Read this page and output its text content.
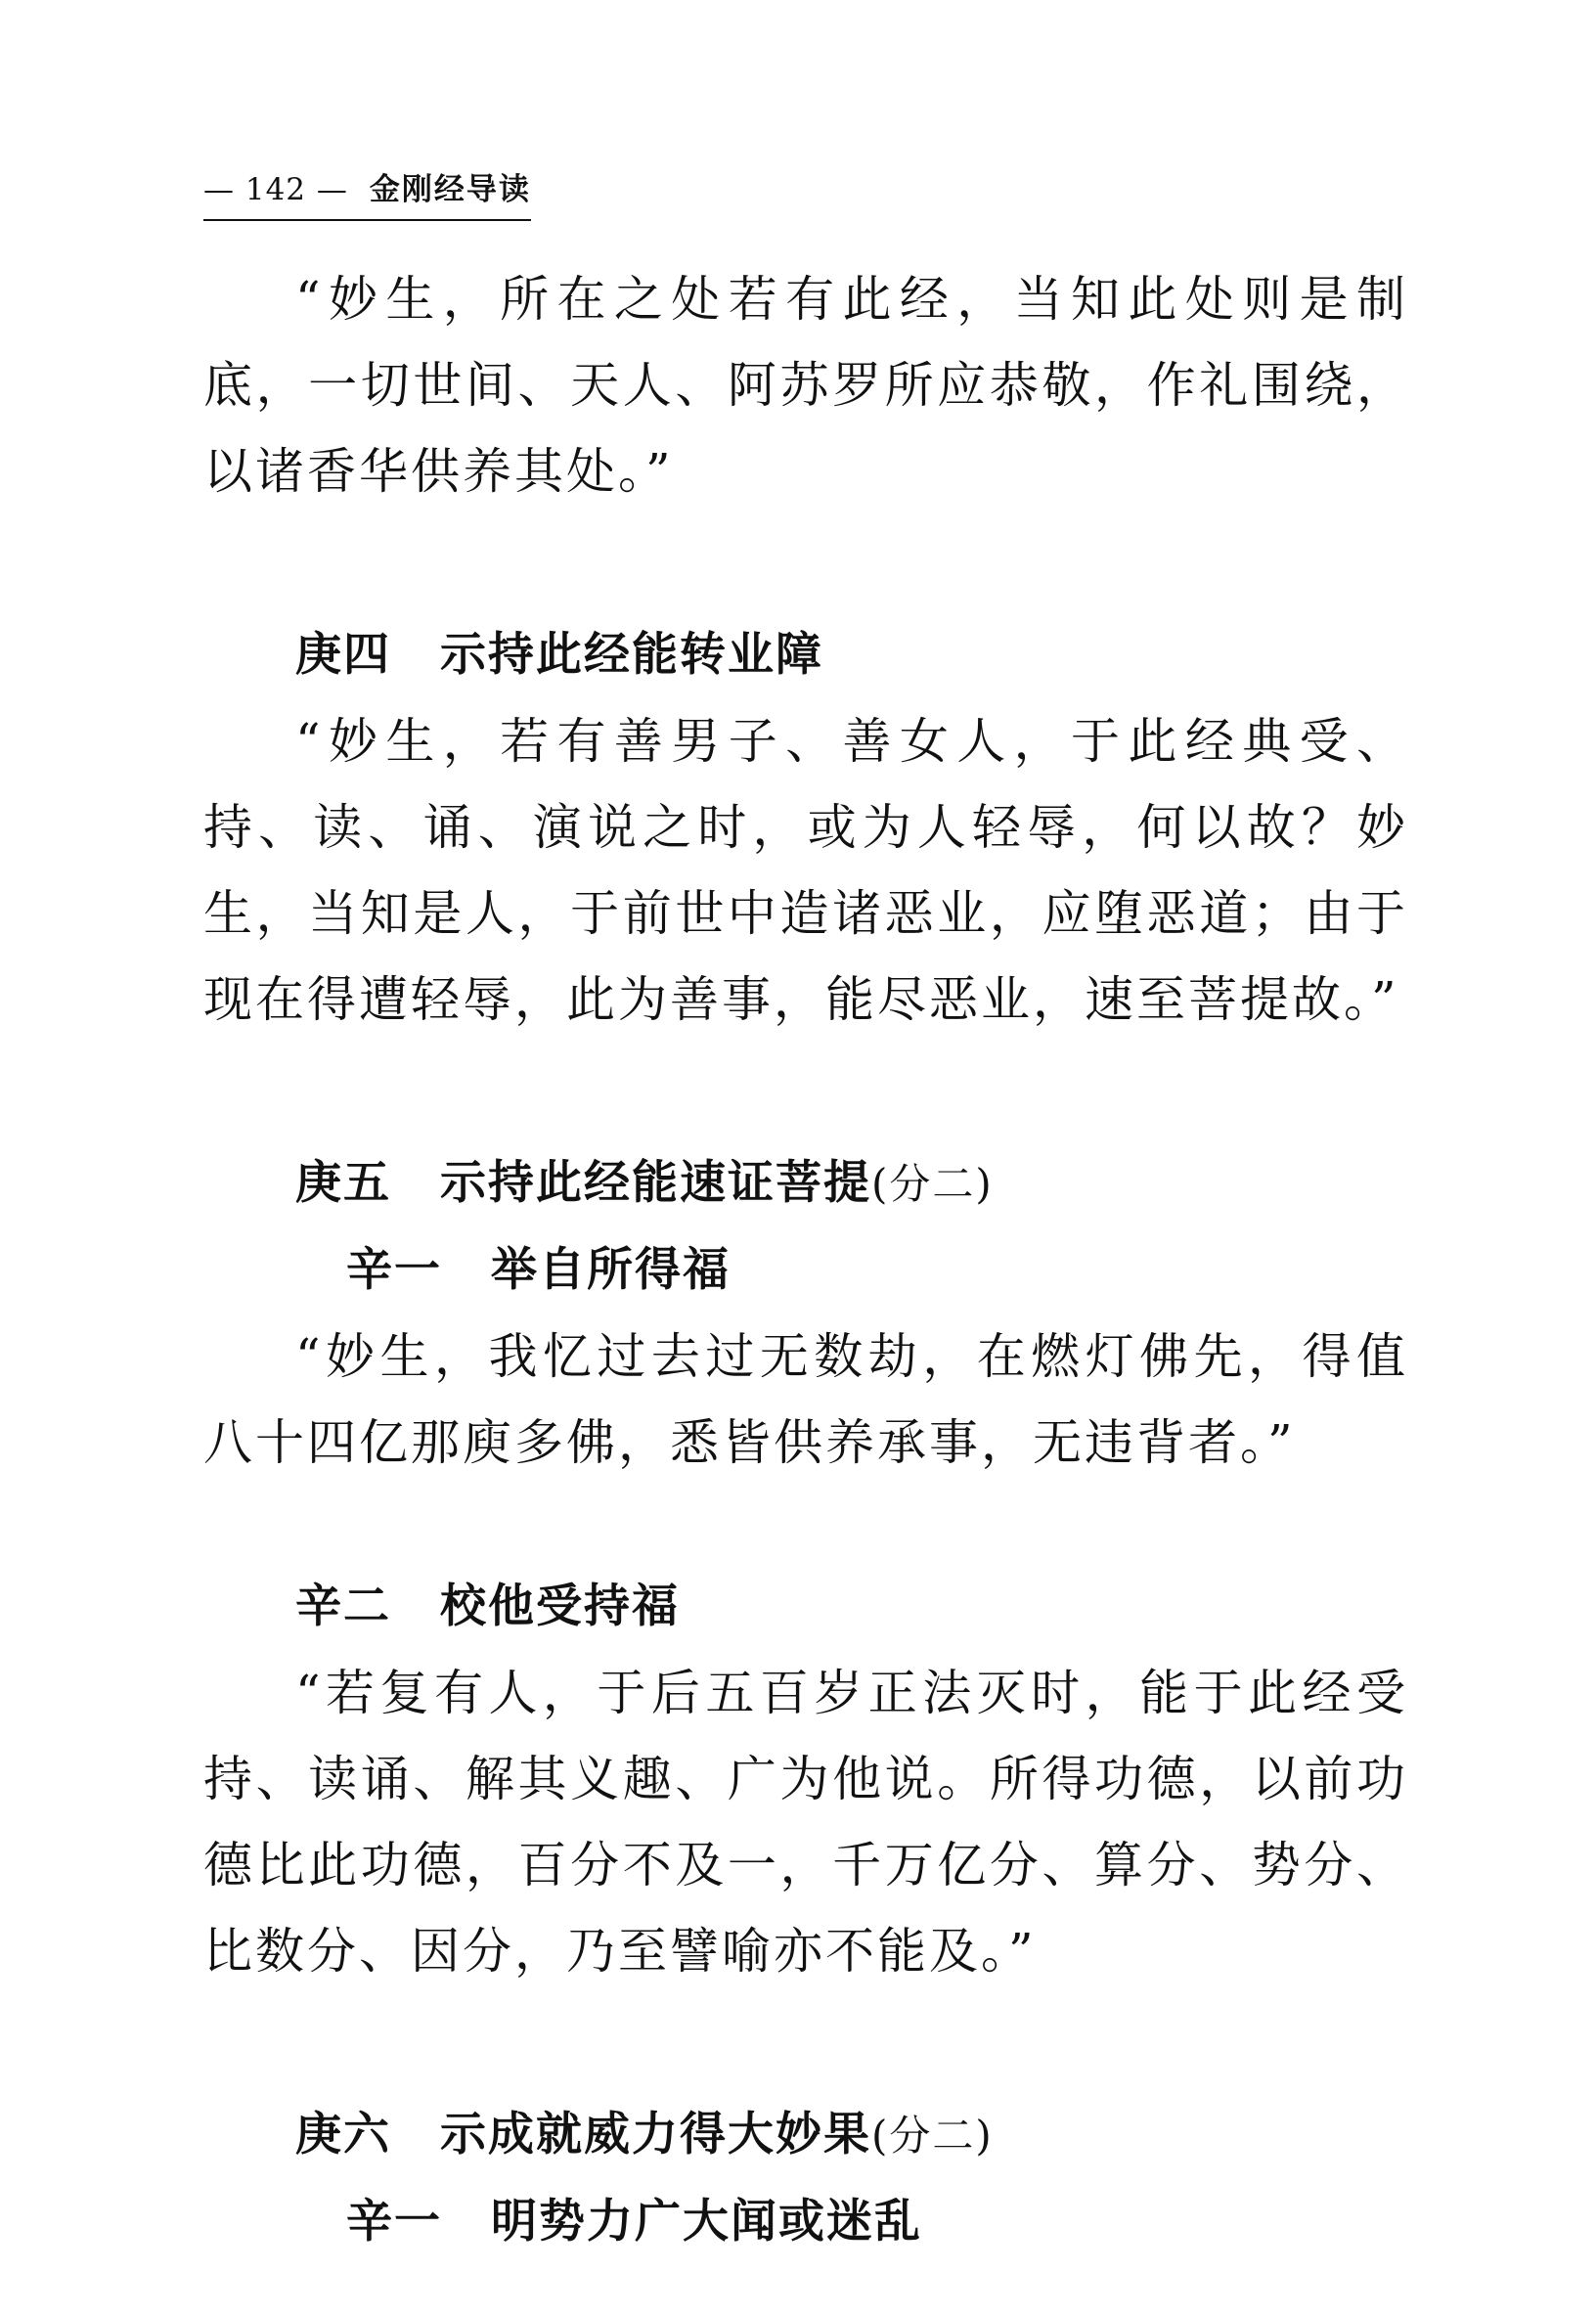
— 142 — 金刚经导读

“妙生，所在之处若有此经，当知此处则是制底，一切世间、天人、阿苏罗所应恭敬，作礼围绕，以诸香华供养其处。”

庚四 示持此经能转业障

“妙生，若有善男子、善女人，于此经典受、持、读、诵、演说之时，或为人轻辱，何以故？妙生，当知是人，于前世中造诸恶业，应堕恶道；由于现在得遭轻辱，此为善事，能尽恶业，速至菩提故。”

庚五 示持此经能速证菩提(分二)

辛一 举自所得福

“妙生，我忆过去过无数劫，在燃灯佛先，得值八十四亿那庾多佛，悉皆供养承事，无违背者。”

辛二 校他受持福

“若复有人，于后五百岁正法灭时，能于此经受持、读诵、解其义趣、广为他说。所得功德，以前功德比此功德，百分不及一，千万亿分、算分、势分、比数分、因分，乃至譬喻亦不能及。”

庚六 示成就威力得大妙果(分二)

辛一 明势力广大闻或迷乱
